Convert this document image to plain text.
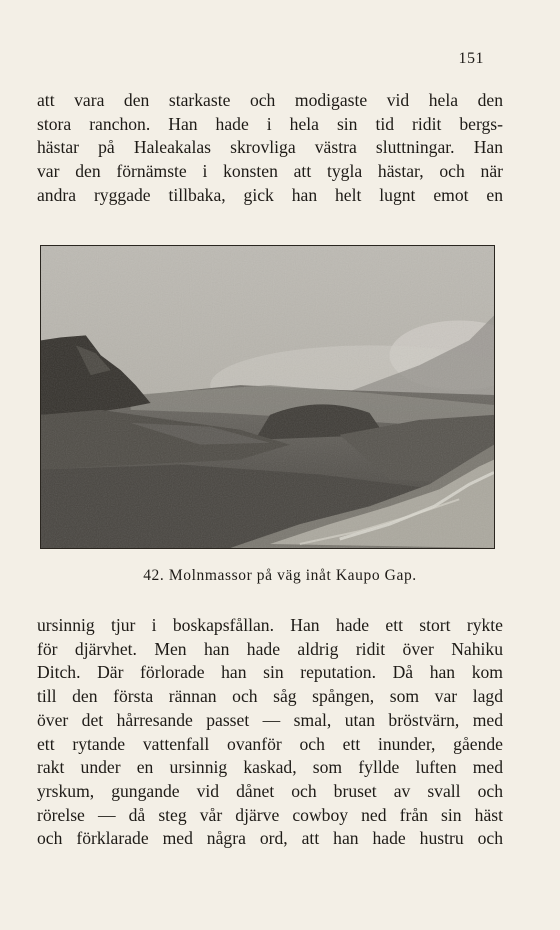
151
att vara den starkaste och modigaste vid hela den
stora ranchon. Han hade i hela sin tid ridit bergs-
hästar på Haleakalas skrovliga västra sluttningar. Han
var den förnämste i konsten att tygla hästar, och när
andra ryggade tillbaka, gick han helt lugnt emot en
42. Molnmassor på väg inåt Kaupo Gap.
ursinnig tjur i boskapsfållan. Han hade ett stort rykte
för djärvhet. Men han hade aldrig ridit över Nahiku
Ditch. Där förlorade han sin reputation. Då han kom
till den första rännan och såg spången, som var lagd
över det hårresande passet — smal, utan bröstvärn, med
ett rytande vattenfall ovanför och ett inunder, gående
rakt under en ursinnig kaskad, som fyllde luften med
yrskum, gungande vid dånet och bruset av svall och
rörelse — då steg vår djärve cowboy ned från sin häst
och förklarade med några ord, att han hade hustru och
